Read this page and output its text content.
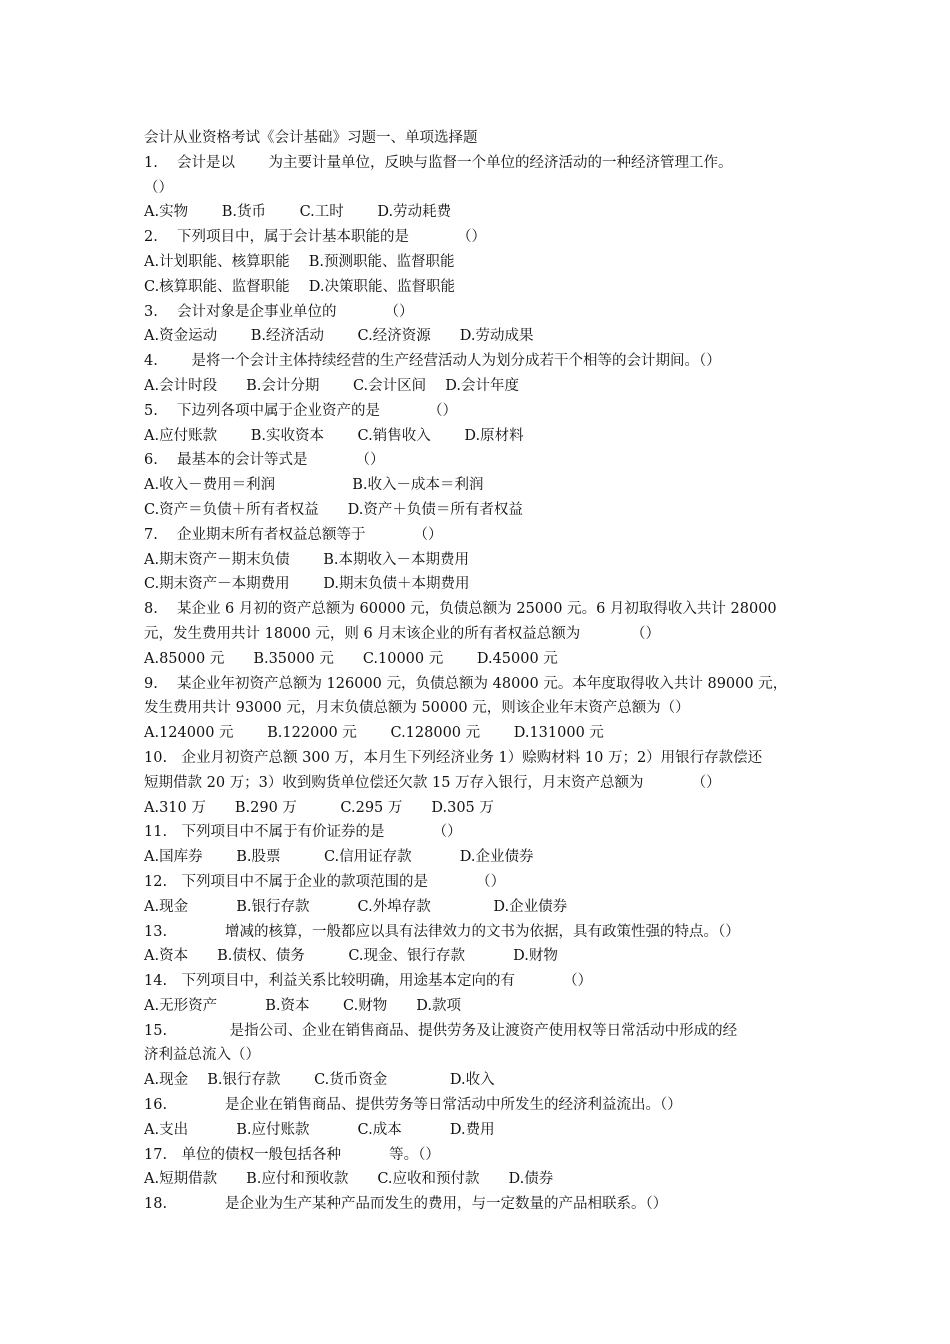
会计从业资格考试《会计基础》习题一、单项选择题
1.　 会计是以　　 为主要计量单位，反映与监督一个单位的经济活动的一种经济管理工作。
（）
A.实物　　 B.货币　　 C.工时　　 D.劳动耗费
2.　 下列项目中，属于会计基本职能的是　　　 （）
A.计划职能、核算职能　 B.预测职能、监督职能
C.核算职能、监督职能　 D.决策职能、监督职能
3.　 会计对象是企事业单位的　　　 （）
A.资金运动　　 B.经济活动　　 C.经济资源　　D.劳动成果
4.　　 是将一个会计主体持续经营的生产经营活动人为划分成若干个相等的会计期间。（）
A.会计时段　　B.会计分期　　 C.会计区间　 D.会计年度
5.　 下边列各项中属于企业资产的是　　　 （）
A.应付账款　　 B.实收资本　　 C.销售收入　　 D.原材料
6.　 最基本的会计等式是　　　 （）
A.收入－费用＝利润　　　　　 B.收入－成本＝利润
C.资产＝负债＋所有者权益　　D.资产＋负债＝所有者权益
7.　 企业期末所有者权益总额等于　　　 （）
A.期末资产－期末负债　　 B.本期收入－本期费用
C.期末资产－本期费用　　 D.期末负债＋本期费用
8.　 某企业 6 月初的资产总额为 60000 元，负债总额为 25000 元。6 月初取得收入共计 28000
元，发生费用共计 18000 元，则 6 月末该企业的所有者权益总额为　　　　（）
A.85000 元　　B.35000 元　　C.10000 元　　 D.45000 元
9.　 某企业年初资产总额为 126000 元，负债总额为 48000 元。本年度取得收入共计 89000 元，
发生费用共计 93000 元，月末负债总额为 50000 元，则该企业年末资产总额为（）
A.124000 元　　 B.122000 元　　 C.128000 元　　 D.131000 元
10.　企业月初资产总额 300 万，本月生下列经济业务 1）赊购材料 10 万；2）用银行存款偿还
短期借款 20 万；3）收到购货单位偿还欠款 15 万存入银行，月末资产总额为　　　 （）
A.310 万　　B.290 万　　　C.295 万　　D.305 万
11.　下列项目中不属于有价证券的是　　　 （）
A.国库券　　 B.股票　　　C.信用证存款　　　 D.企业债券
12.　下列项目中不属于企业的款项范围的是　　　 （）
A.现金　　　 B.银行存款　　　 C.外埠存款　　　　 D.企业债券
13.　　　　增减的核算，一般都应以具有法律效力的文书为依据，具有政策性强的特点。（）
A.资本　　B.债权、债务　　　C.现金、银行存款　　　 D.财物
14.　下列项目中，利益关系比较明确，用途基本定向的有　　　 （）
A.无形资产　　　 B.资本　　 C.财物　　D.款项
15.　　　　 是指公司、企业在销售商品、提供劳务及让渡资产使用权等日常活动中形成的经
济利益总流入（）
A.现金　 B.银行存款　　 C.货币资金　　　　 D.收入
16.　　　　是企业在销售商品、提供劳务等日常活动中所发生的经济利益流出。（）
A.支出　　　 B.应付账款　　　 C.成本　　　 D.费用
17.　单位的债权一般包括各种　　　 等。（）
A.短期借款　　B.应付和预收款　　C.应收和预付款　　D.债券
18.　　　　是企业为生产某种产品而发生的费用，与一定数量的产品相联系。（）
